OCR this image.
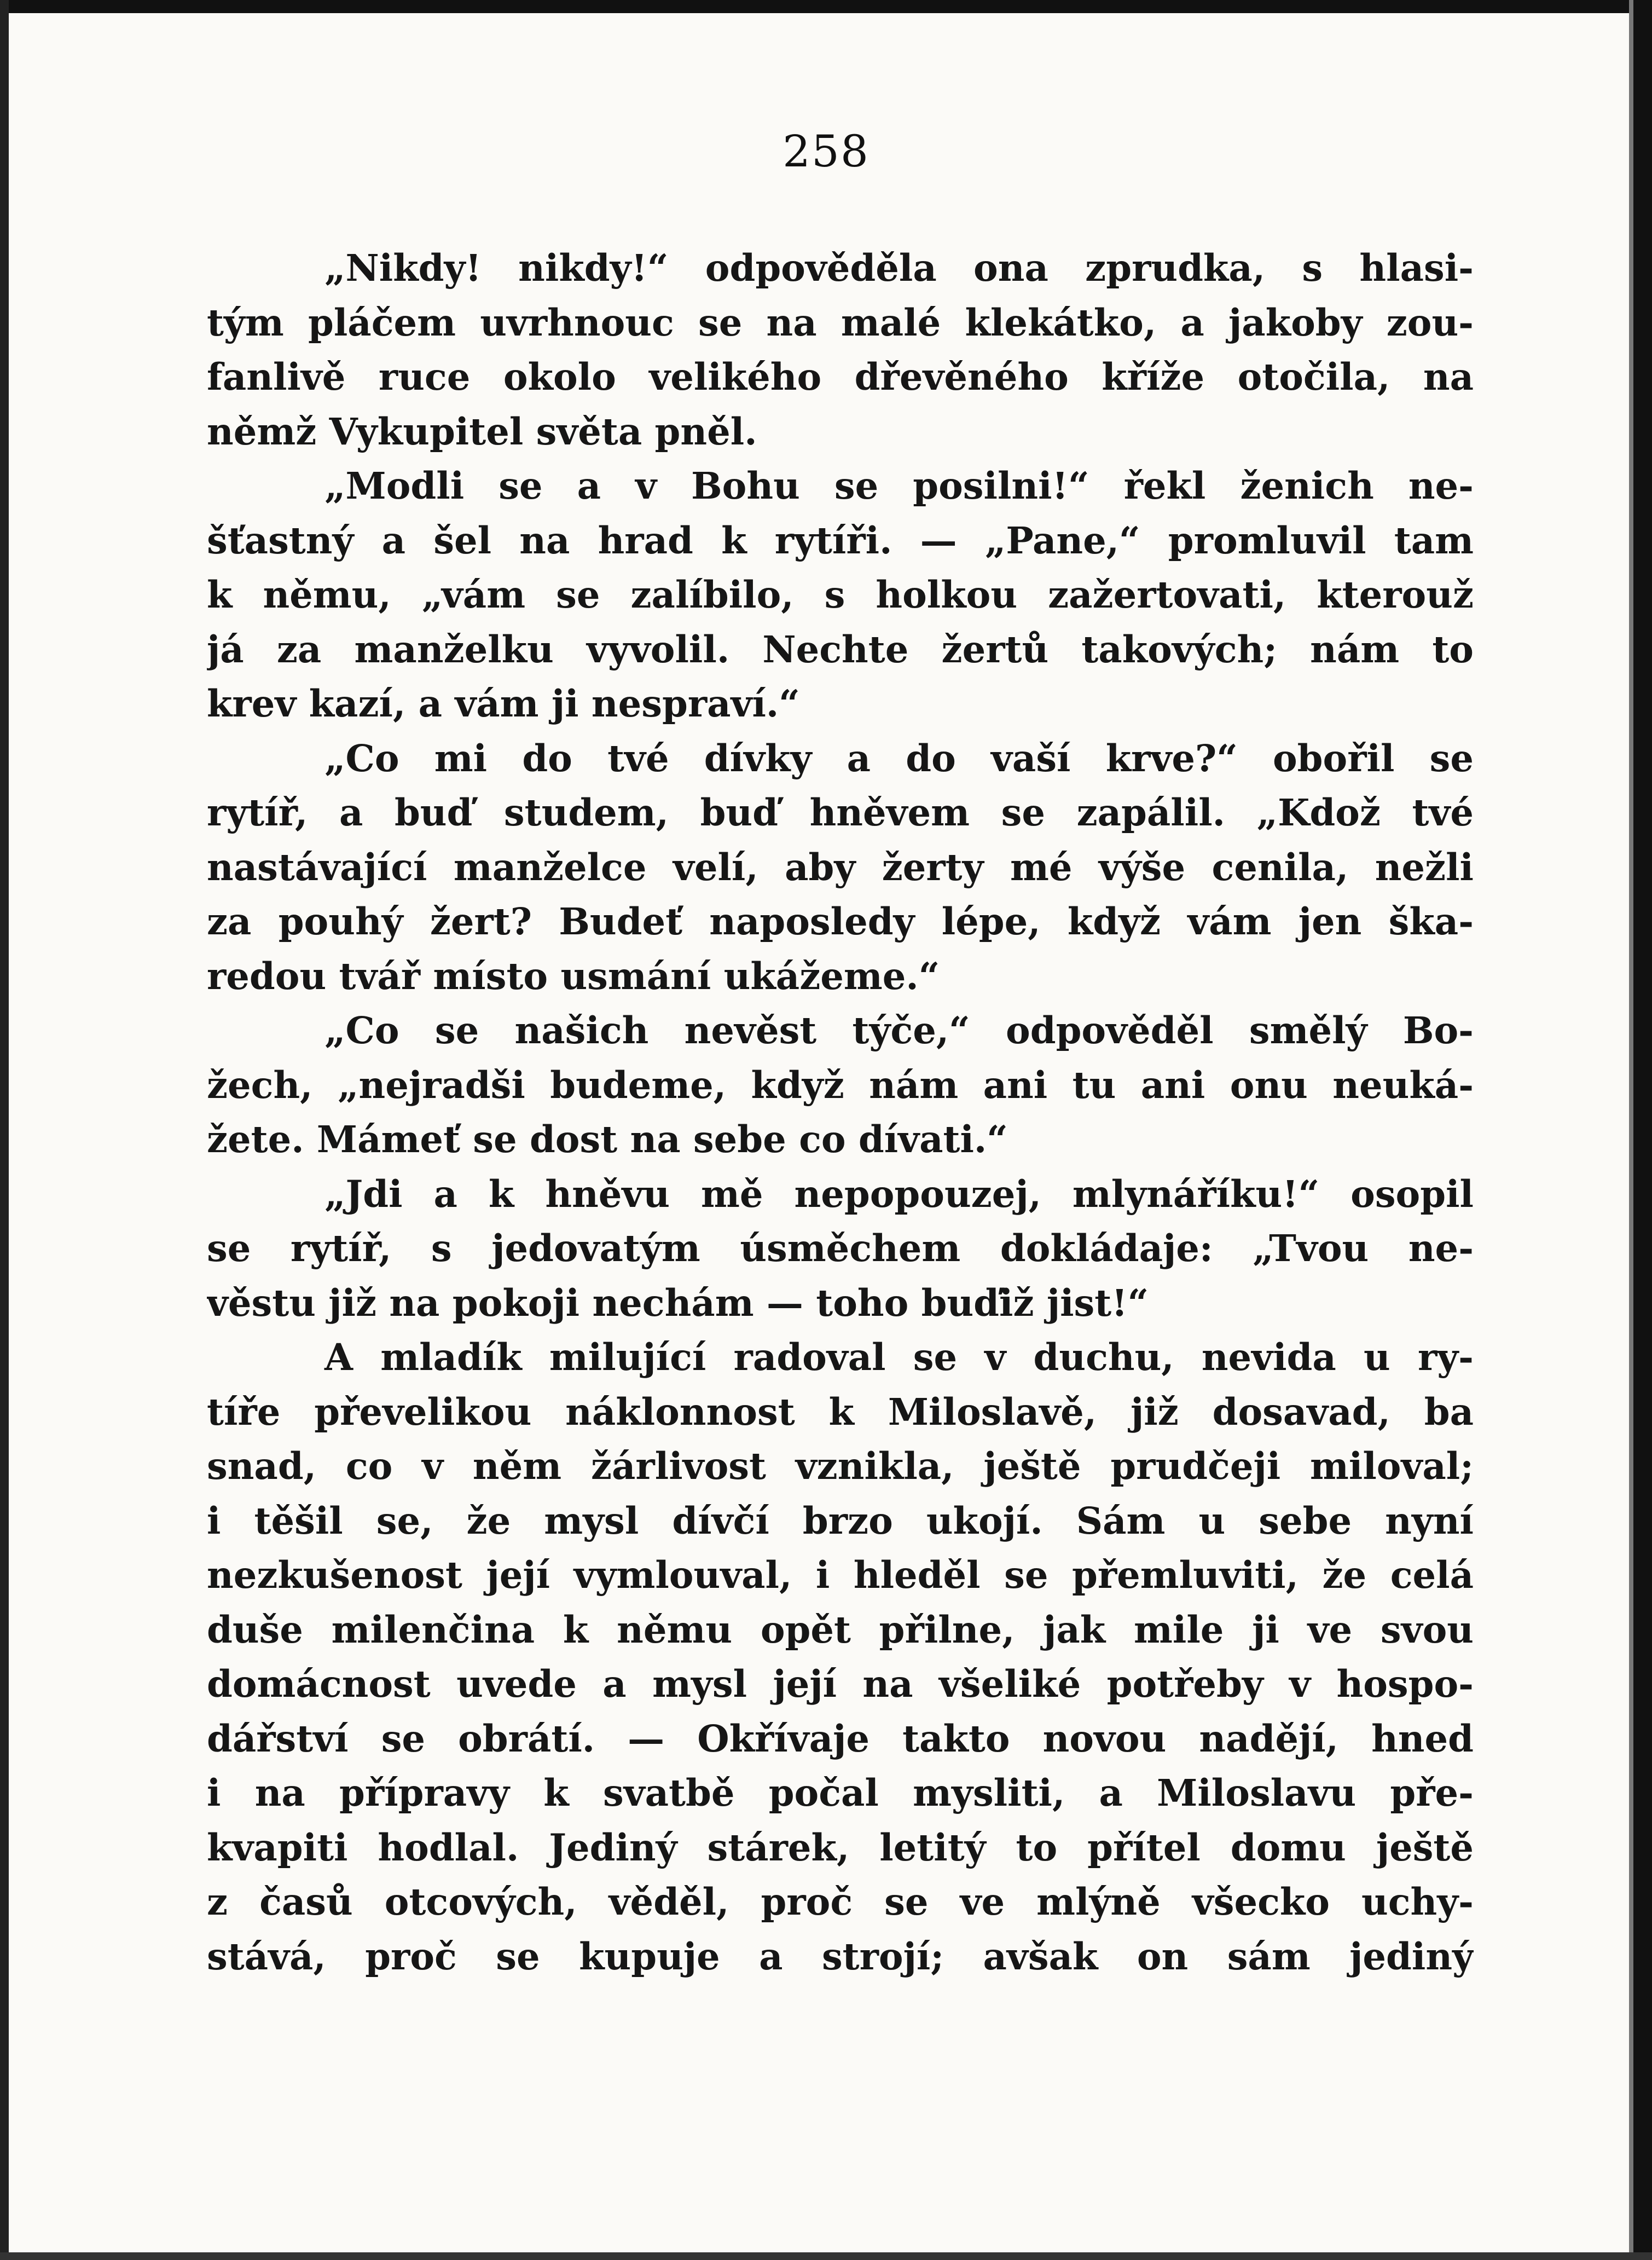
258
„Nikdy! nikdy!“ odpověděla ona zprudka, s hlasi-
tým pláčem uvrhnouc se na malé klekátko, a jakoby zou-
fanlivě ruce okolo velikého dřevěného kříže otočila, na
němž Vykupitel světa pněl.
„Modli se a v Bohu se posilni!“ řekl ženich ne-
šťastný a šel na hrad k rytíři. — „Pane,“ promluvil tam
k němu, „vám se zalíbilo, s holkou zažertovati, kterouž
já za manželku vyvolil. Nechte žertů takových; nám to
krev kazí, a vám ji nespraví.“
„Co mi do tvé dívky a do vaší krve?“ obořil se
rytíř, a buď studem, buď hněvem se zapálil. „Kdož tvé
nastávající manželce velí, aby žerty mé výše cenila, nežli
za pouhý žert? Budeť naposledy lépe, když vám jen ška-
redou tvář místo usmání ukážeme.“
„Co se našich nevěst týče,“ odpověděl smělý Bo-
žech, „nejradši budeme, když nám ani tu ani onu neuká-
žete. Mámeť se dost na sebe co dívati.“
„Jdi a k hněvu mě nepopouzej, mlynáříku!“ osopil
se rytíř, s jedovatým úsměchem dokládaje: „Tvou ne-
věstu již na pokoji nechám — toho buďiž jist!“
A mladík milující radoval se v duchu, nevida u ry-
tíře převelikou náklonnost k Miloslavě, již dosavad, ba
snad, co v něm žárlivost vznikla, ještě prudčeji miloval;
i těšil se, že mysl dívčí brzo ukojí. Sám u sebe nyní
nezkušenost její vymlouval, i hleděl se přemluviti, že celá
duše milenčina k němu opět přilne, jak mile ji ve svou
domácnost uvede a mysl její na všeliké potřeby v hospo-
dářství se obrátí. — Okřívaje takto novou nadějí, hned
i na přípravy k svatbě počal mysliti, a Miloslavu pře-
kvapiti hodlal. Jediný stárek, letitý to přítel domu ještě
z časů otcových, věděl, proč se ve mlýně všecko uchy-
stává, proč se kupuje a strojí; avšak on sám jediný
